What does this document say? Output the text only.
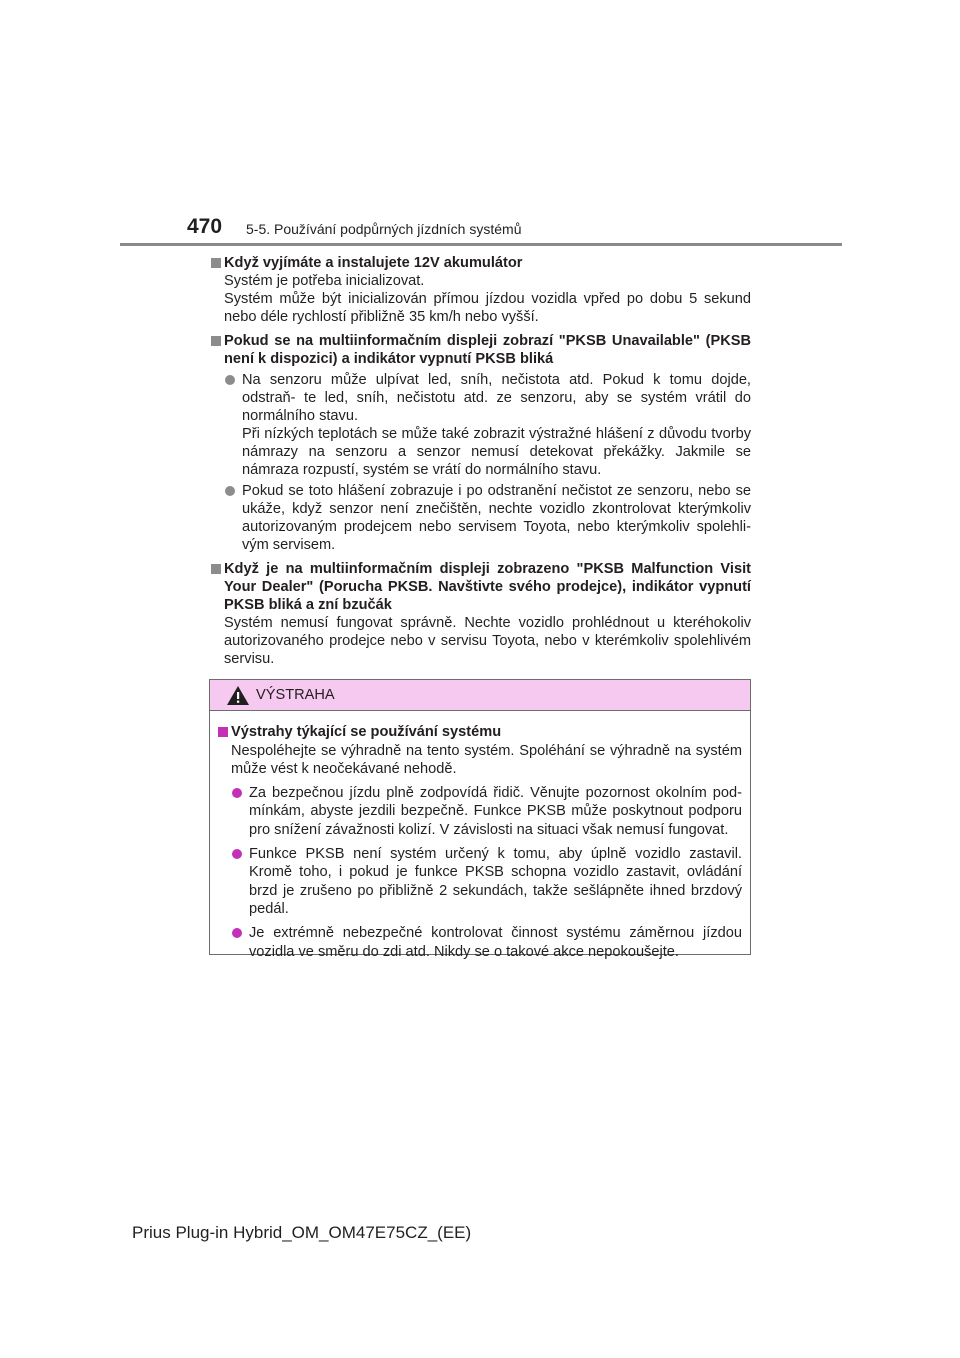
470 5-5. Používání podpůrných jízdních systémů
Když vyjímáte a instalujete 12V akumulátor
Systém je potřeba inicializovat.
Systém může být inicializován přímou jízdou vozidla vpřed po dobu 5 sekund nebo déle rychlostí přibližně 35 km/h nebo vyšší.
Pokud se na multiinformačním displeji zobrazí "PKSB Unavailable" (PKSB není k dispozici) a indikátor vypnutí PKSB bliká
Na senzoru může ulpívat led, sníh, nečistota atd. Pokud k tomu dojde, odstraň- te led, sníh, nečistotu atd. ze senzoru, aby se systém vrátil do normálního stavu.
Při nízkých teplotách se může také zobrazit výstražné hlášení z důvodu tvorby námrazy na senzoru a senzor nemusí detekovat překážky. Jakmile se námraza rozpustí, systém se vrátí do normálního stavu.
Pokud se toto hlášení zobrazuje i po odstranění nečistot ze senzoru, nebo se ukáže, když senzor není znečištěn, nechte vozidlo zkontrolovat kterýmkoliv autorizovaným prodejcem nebo servisem Toyota, nebo kterýmkoliv spolehli- vým servisem.
Když je na multiinformačním displeji zobrazeno "PKSB Malfunction Visit Your Dealer" (Porucha PKSB. Navštivte svého prodejce), indikátor vypnutí PKSB bliká a zní bzučák
Systém nemusí fungovat správně. Nechte vozidlo prohlédnout u kteréhokoliv autorizovaného prodejce nebo v servisu Toyota, nebo v kterémkoliv spolehlivém servisu.
VÝSTRAHA
Výstrahy týkající se používání systému
Nespoléhejte se výhradně na tento systém. Spoléhání se výhradně na systém může vést k neočekávané nehodě.
Za bezpečnou jízdu plně zodpovídá řidič. Věnujte pozornost okolním pod- mínkám, abyste jezdili bezpečně. Funkce PKSB může poskytnout podporu pro snížení závažnosti kolizí. V závislosti na situaci však nemusí fungovat.
Funkce PKSB není systém určený k tomu, aby úplně vozidlo zastavil. Kromě toho, i pokud je funkce PKSB schopna vozidlo zastavit, ovládání brzd je zrušeno po přibližně 2 sekundách, takže sešlápněte ihned brzdový pedál.
Je extrémně nebezpečné kontrolovat činnost systému záměrnou jízdou vozidla ve směru do zdi atd. Nikdy se o takové akce nepokoušejte.
Prius Plug-in Hybrid_OM_OM47E75CZ_(EE)
